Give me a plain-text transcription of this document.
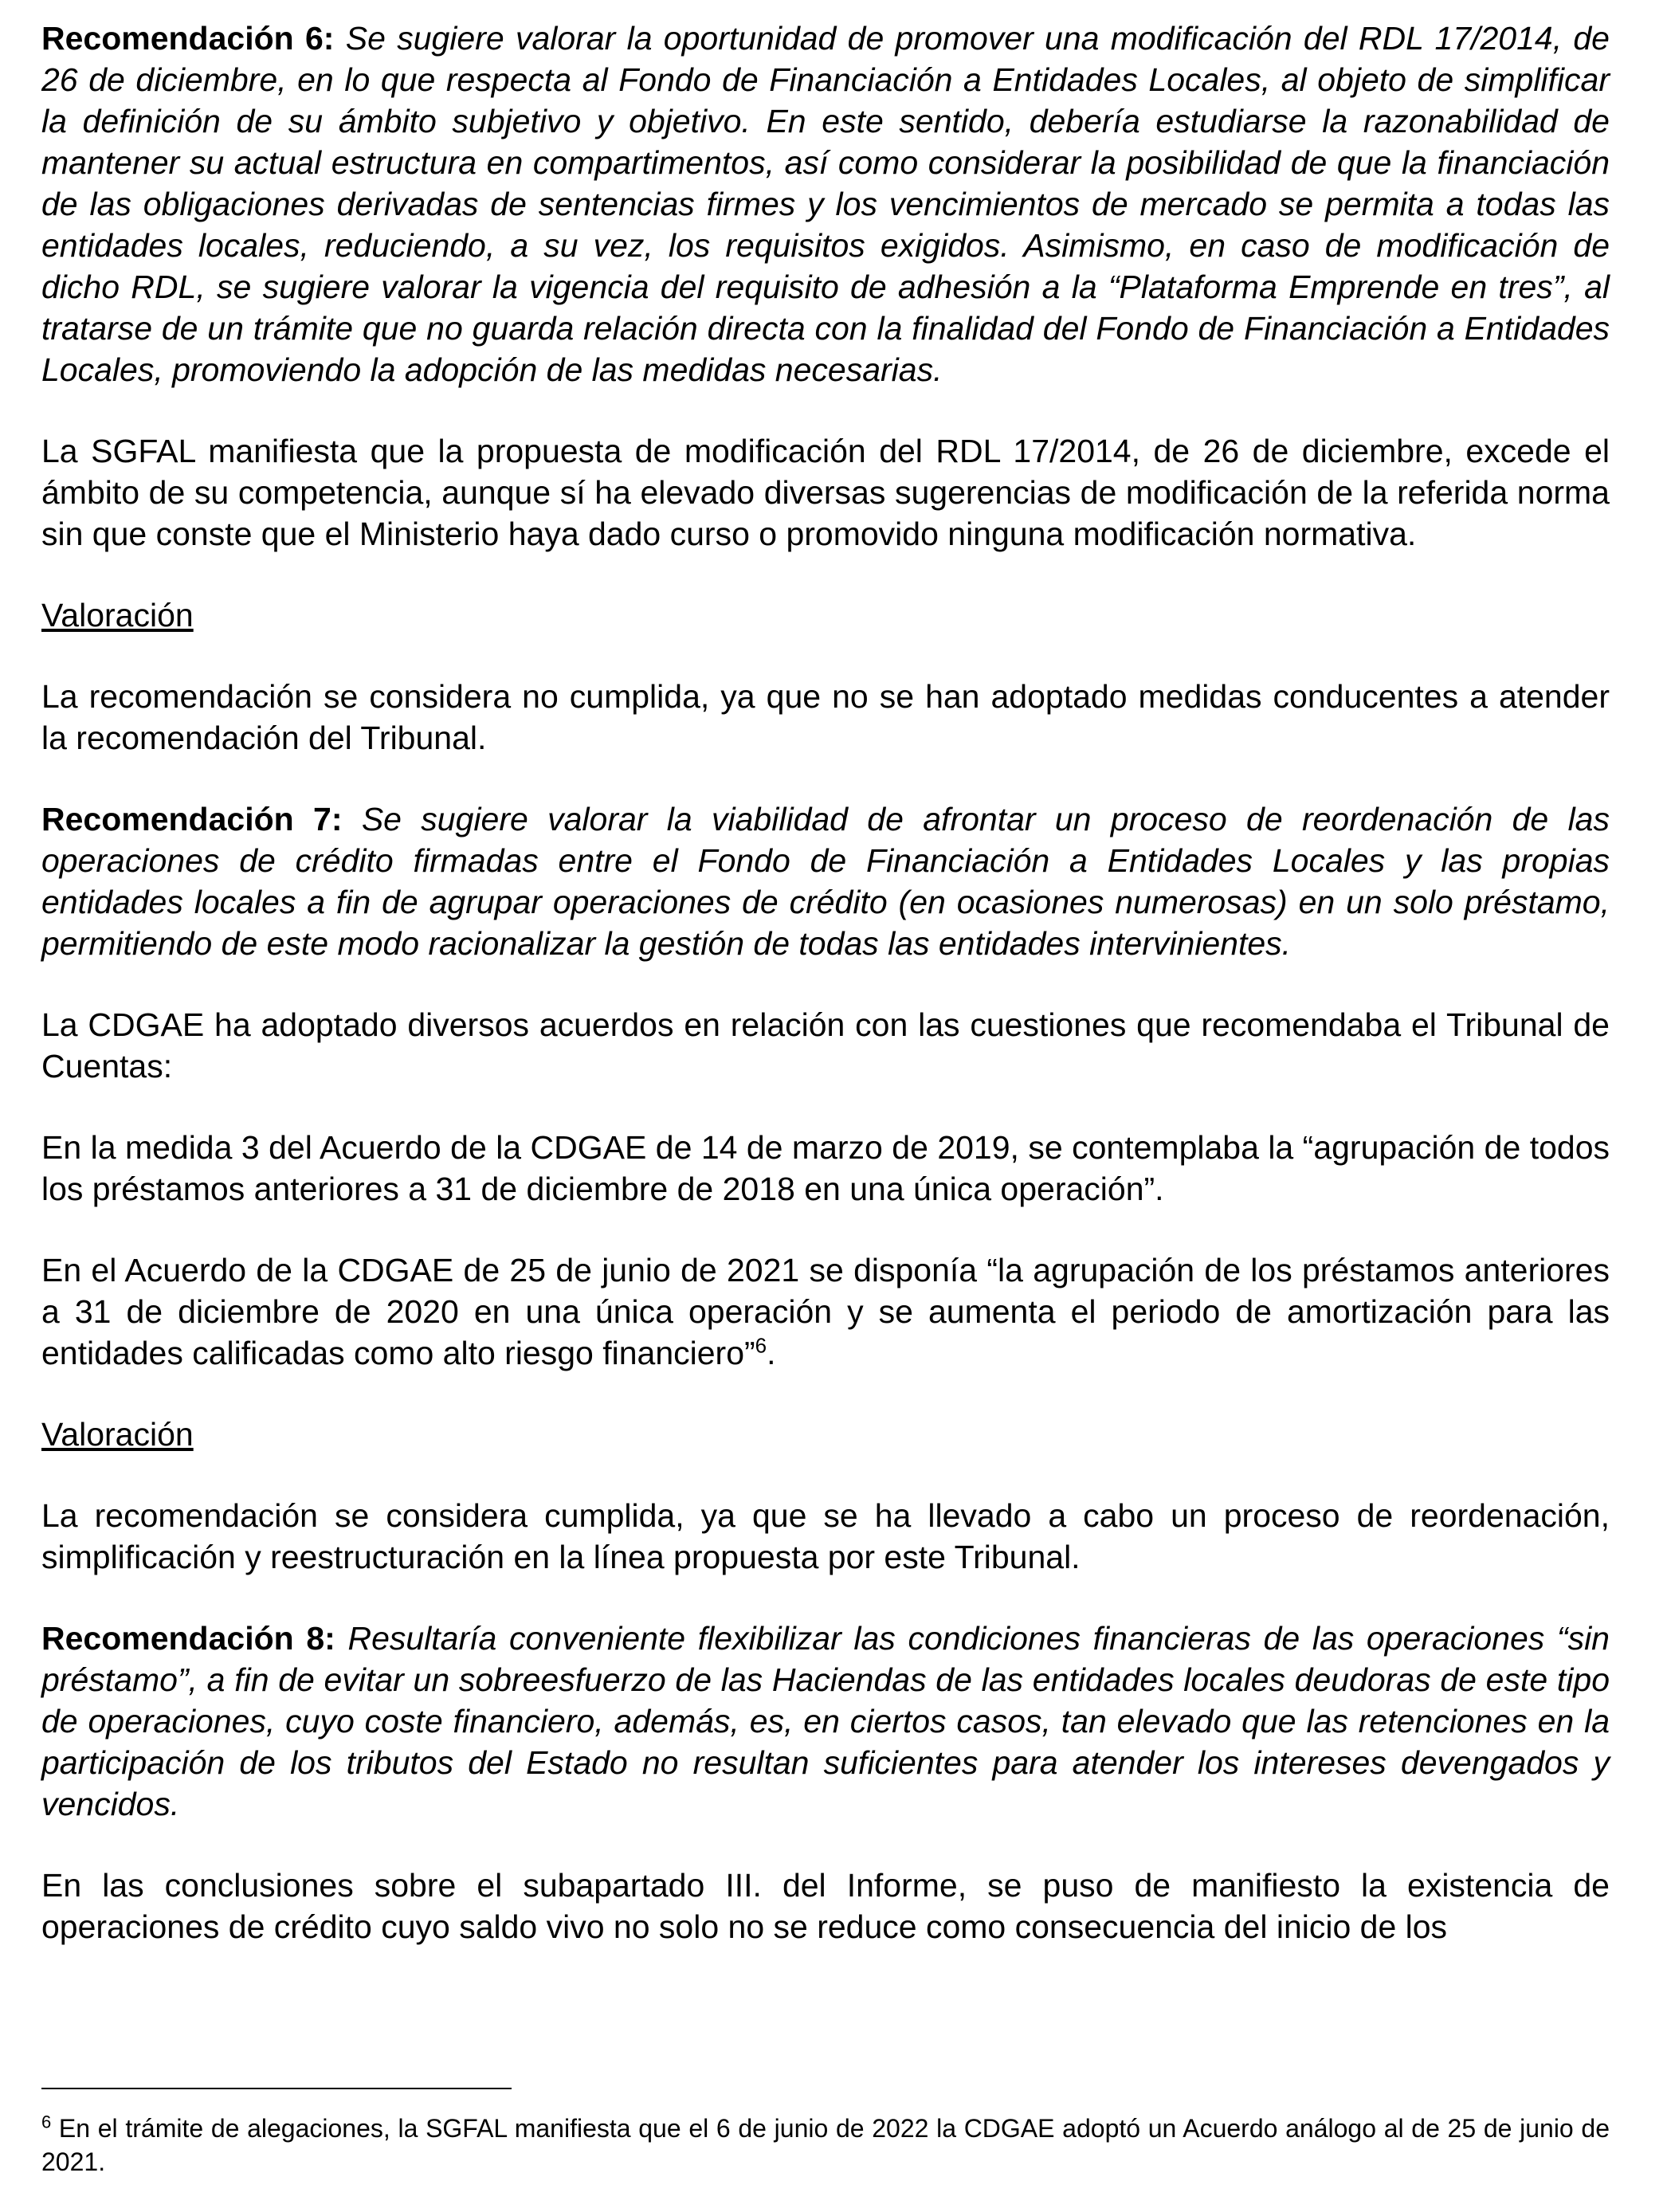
Recomendación 6: Se sugiere valorar la oportunidad de promover una modificación del RDL 17/2014, de 26 de diciembre, en lo que respecta al Fondo de Financiación a Entidades Locales, al objeto de simplificar la definición de su ámbito subjetivo y objetivo. En este sentido, debería estudiarse la razonabilidad de mantener su actual estructura en compartimentos, así como considerar la posibilidad de que la financiación de las obligaciones derivadas de sentencias firmes y los vencimientos de mercado se permita a todas las entidades locales, reduciendo, a su vez, los requisitos exigidos. Asimismo, en caso de modificación de dicho RDL, se sugiere valorar la vigencia del requisito de adhesión a la “Plataforma Emprende en tres”, al tratarse de un trámite que no guarda relación directa con la finalidad del Fondo de Financiación a Entidades Locales, promoviendo la adopción de las medidas necesarias.

La SGFAL manifiesta que la propuesta de modificación del RDL 17/2014, de 26 de diciembre, excede el ámbito de su competencia, aunque sí ha elevado diversas sugerencias de modificación de la referida norma sin que conste que el Ministerio haya dado curso o promovido ninguna modificación normativa.

Valoración

La recomendación se considera no cumplida, ya que no se han adoptado medidas conducentes a atender la recomendación del Tribunal.

Recomendación 7: Se sugiere valorar la viabilidad de afrontar un proceso de reordenación de las operaciones de crédito firmadas entre el Fondo de Financiación a Entidades Locales y las propias entidades locales a fin de agrupar operaciones de crédito (en ocasiones numerosas) en un solo préstamo, permitiendo de este modo racionalizar la gestión de todas las entidades intervinientes.

La CDGAE ha adoptado diversos acuerdos en relación con las cuestiones que recomendaba el Tribunal de Cuentas:

En la medida 3 del Acuerdo de la CDGAE de 14 de marzo de 2019, se contemplaba la “agrupación de todos los préstamos anteriores a 31 de diciembre de 2018 en una única operación”.

En el Acuerdo de la CDGAE de 25 de junio de 2021 se disponía “la agrupación de los préstamos anteriores a 31 de diciembre de 2020 en una única operación y se aumenta el periodo de amortización para las entidades calificadas como alto riesgo financiero”$^6$.

Valoración

La recomendación se considera cumplida, ya que se ha llevado a cabo un proceso de reordenación, simplificación y reestructuración en la línea propuesta por este Tribunal.

Recomendación 8: Resultaría conveniente flexibilizar las condiciones financieras de las operaciones “sin préstamo”, a fin de evitar un sobreesfuerzo de las Haciendas de las entidades locales deudoras de este tipo de operaciones, cuyo coste financiero, además, es, en ciertos casos, tan elevado que las retenciones en la participación de los tributos del Estado no resultan suficientes para atender los intereses devengados y vencidos.

En las conclusiones sobre el subapartado III. del Informe, se puso de manifiesto la existencia de operaciones de crédito cuyo saldo vivo no solo no se reduce como consecuencia del inicio de los

$^6$ En el trámite de alegaciones, la SGFAL manifiesta que el 6 de junio de 2022 la CDGAE adoptó un Acuerdo análogo al de 25 de junio de 2021.
